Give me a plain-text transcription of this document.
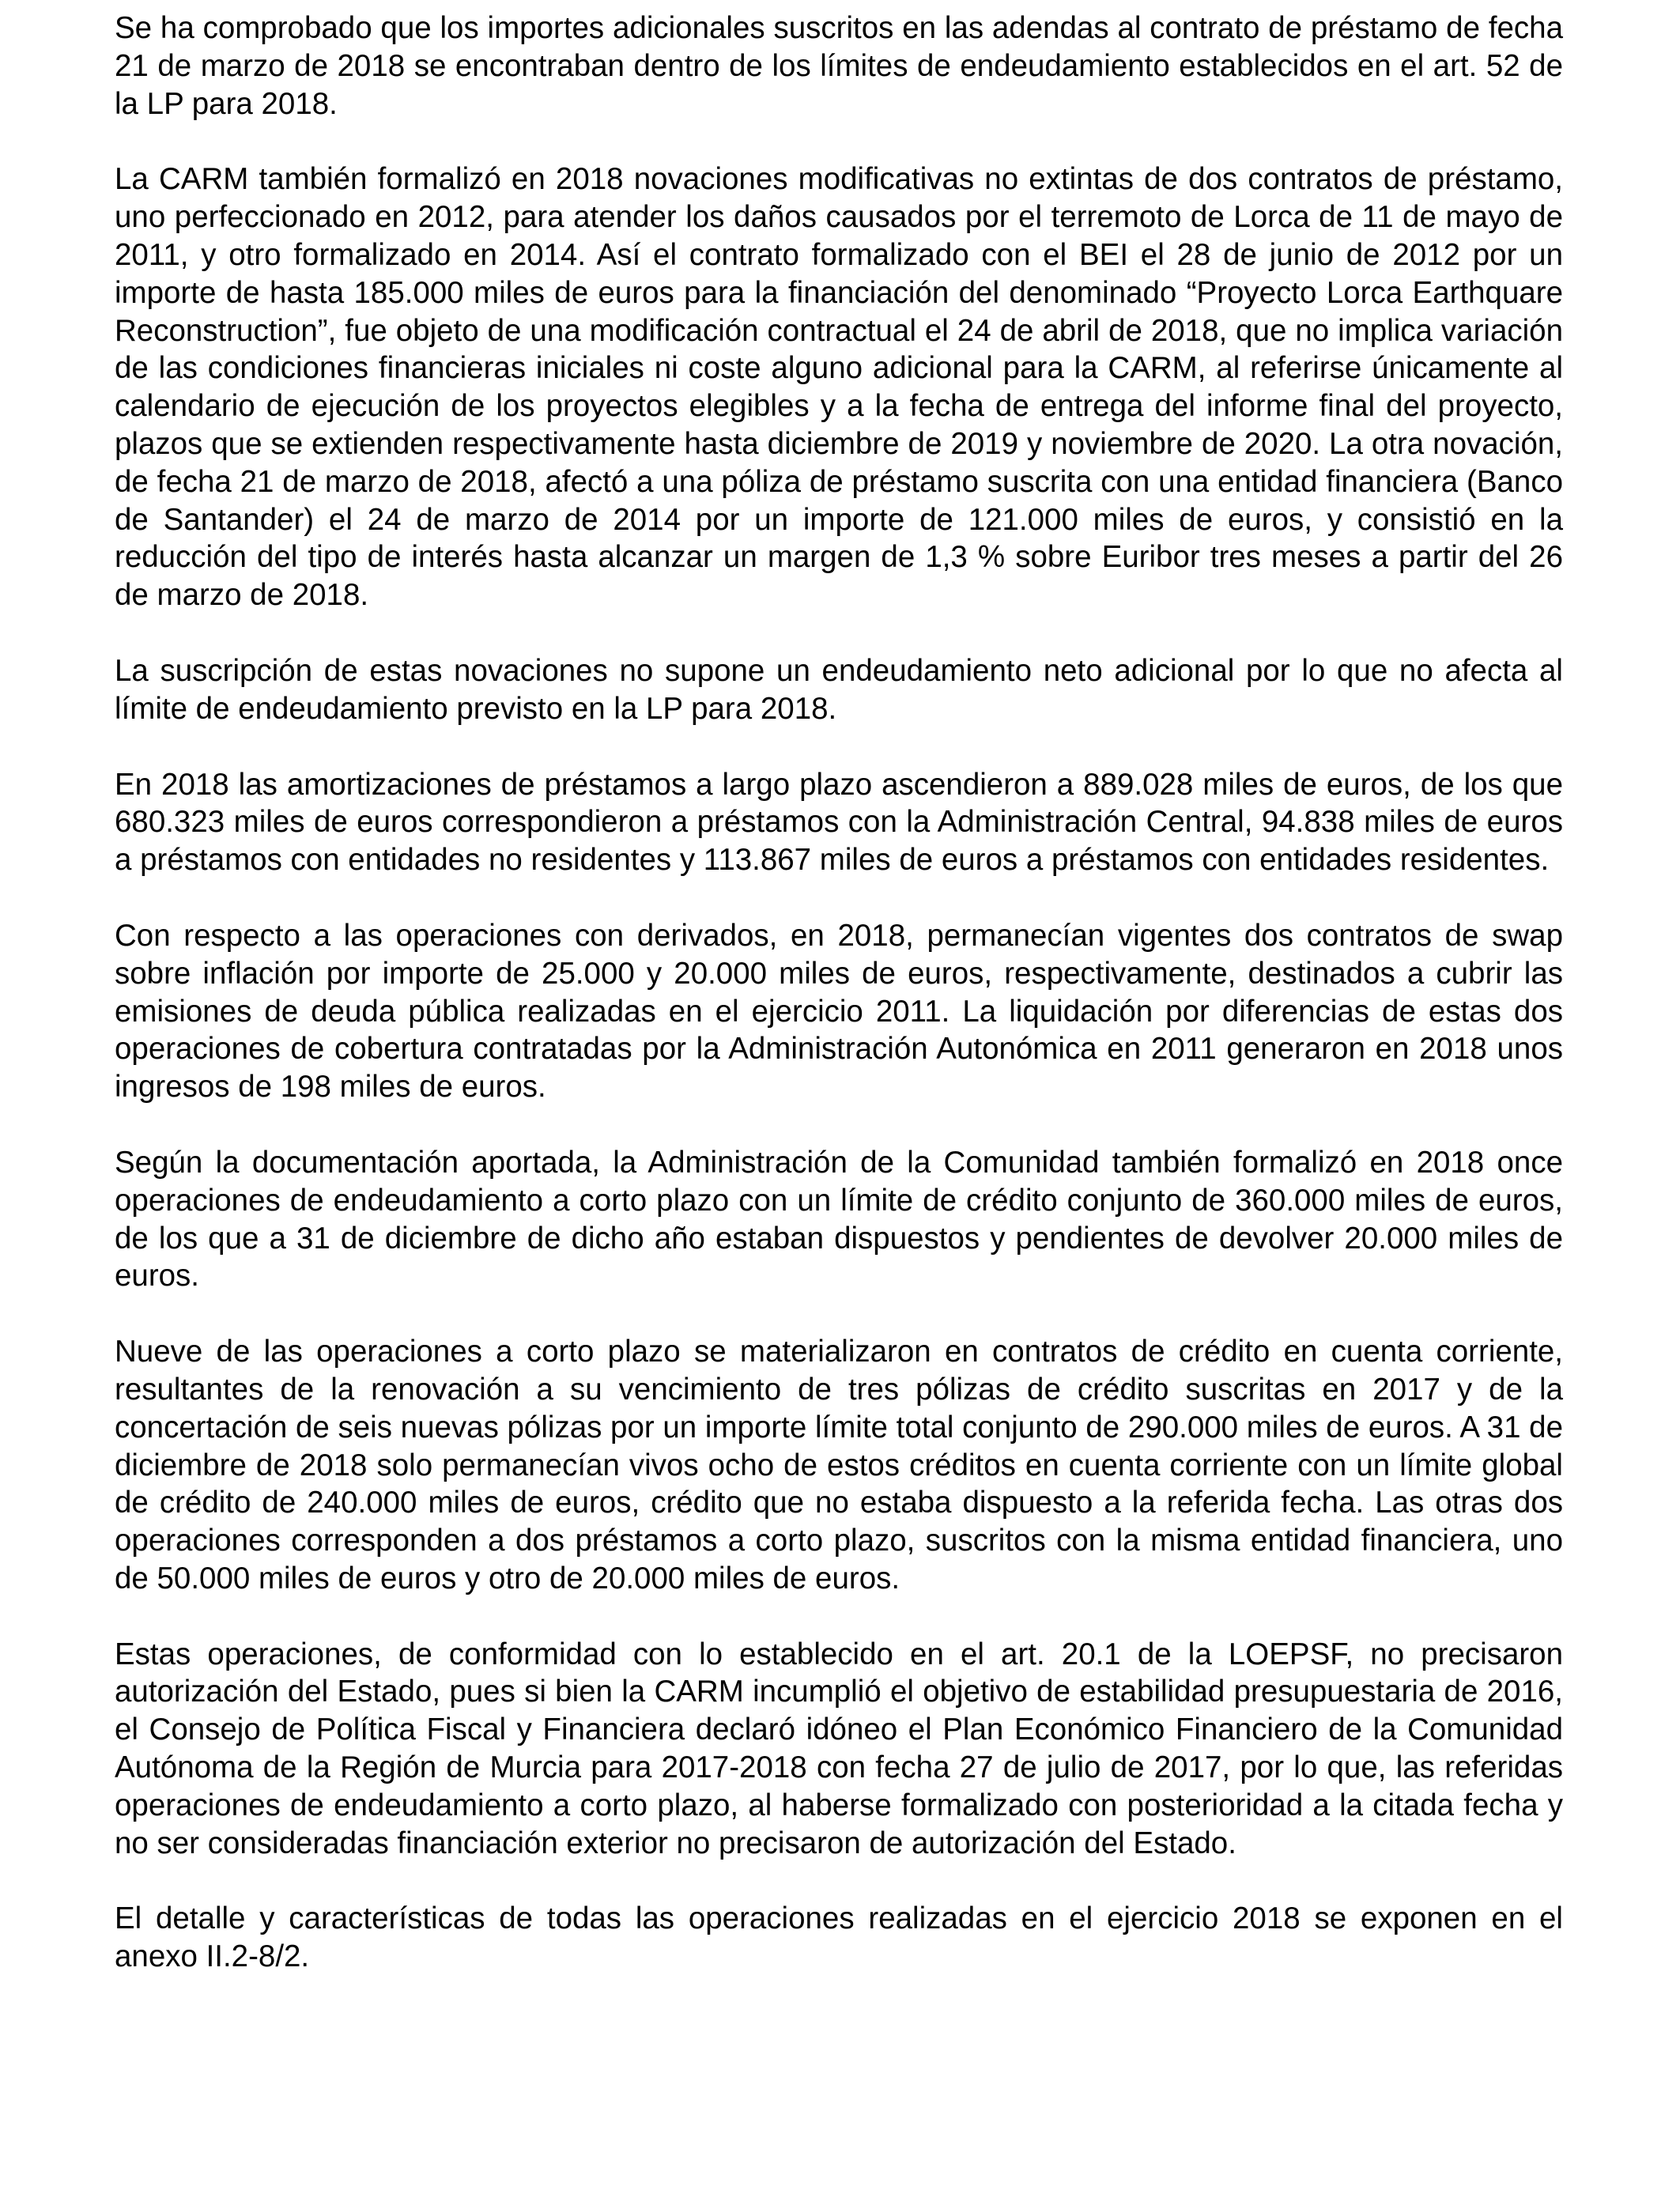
Se ha comprobado que los importes adicionales suscritos en las adendas al contrato de préstamo de fecha 21 de marzo de 2018 se encontraban dentro de los límites de endeudamiento establecidos en el art. 52 de la LP para 2018.

La CARM también formalizó en 2018 novaciones modificativas no extintas de dos contratos de préstamo, uno perfeccionado en 2012, para atender los daños causados por el terremoto de Lorca de 11 de mayo de 2011, y otro formalizado en 2014. Así el contrato formalizado con el BEI el 28 de junio de 2012 por un importe de hasta 185.000 miles de euros para la financiación del denominado “Proyecto Lorca Earthquare Reconstruction”, fue objeto de una modificación contractual el 24 de abril de 2018, que no implica variación de las condiciones financieras iniciales ni coste alguno adicional para la CARM, al referirse únicamente al calendario de ejecución de los proyectos elegibles y a la fecha de entrega del informe final del proyecto, plazos que se extienden respectivamente hasta diciembre de 2019 y noviembre de 2020. La otra novación, de fecha 21 de marzo de 2018, afectó a una póliza de préstamo suscrita con una entidad financiera (Banco de Santander) el 24 de marzo de 2014 por un importe de 121.000 miles de euros, y consistió en la reducción del tipo de interés hasta alcanzar un margen de 1,3 % sobre Euribor tres meses a partir del 26 de marzo de 2018.

La suscripción de estas novaciones no supone un endeudamiento neto adicional por lo que no afecta al límite de endeudamiento previsto en la LP para 2018.

En 2018 las amortizaciones de préstamos a largo plazo ascendieron a 889.028 miles de euros, de los que 680.323 miles de euros correspondieron a préstamos con la Administración Central, 94.838 miles de euros a préstamos con entidades no residentes y 113.867 miles de euros a préstamos con entidades residentes.

Con respecto a las operaciones con derivados, en 2018, permanecían vigentes dos contratos de swap sobre inflación por importe de 25.000 y 20.000 miles de euros, respectivamente, destinados a cubrir las emisiones de deuda pública realizadas en el ejercicio 2011. La liquidación por diferencias de estas dos operaciones de cobertura contratadas por la Administración Autonómica en 2011 generaron en 2018 unos ingresos de 198 miles de euros.

Según la documentación aportada, la Administración de la Comunidad también formalizó en 2018 once operaciones de endeudamiento a corto plazo con un límite de crédito conjunto de 360.000 miles de euros, de los que a 31 de diciembre de dicho año estaban dispuestos y pendientes de devolver 20.000 miles de euros.

Nueve de las operaciones a corto plazo se materializaron en contratos de crédito en cuenta corriente, resultantes de la renovación a su vencimiento de tres pólizas de crédito suscritas en 2017 y de la concertación de seis nuevas pólizas por un importe límite total conjunto de 290.000 miles de euros. A 31 de diciembre de 2018 solo permanecían vivos ocho de estos créditos en cuenta corriente con un límite global de crédito de 240.000 miles de euros, crédito que no estaba dispuesto a la referida fecha. Las otras dos operaciones corresponden a dos préstamos a corto plazo, suscritos con la misma entidad financiera, uno de 50.000 miles de euros y otro de 20.000 miles de euros.

Estas operaciones, de conformidad con lo establecido en el art. 20.1 de la LOEPSF, no precisaron autorización del Estado, pues si bien la CARM incumplió el objetivo de estabilidad presupuestaria de 2016, el Consejo de Política Fiscal y Financiera declaró idóneo el Plan Económico Financiero de la Comunidad Autónoma de la Región de Murcia para 2017-2018 con fecha 27 de julio de 2017, por lo que, las referidas operaciones de endeudamiento a corto plazo, al haberse formalizado con posterioridad a la citada fecha y no ser consideradas financiación exterior no precisaron de autorización del Estado.

El detalle y características de todas las operaciones realizadas en el ejercicio 2018 se exponen en el anexo II.2-8/2.
